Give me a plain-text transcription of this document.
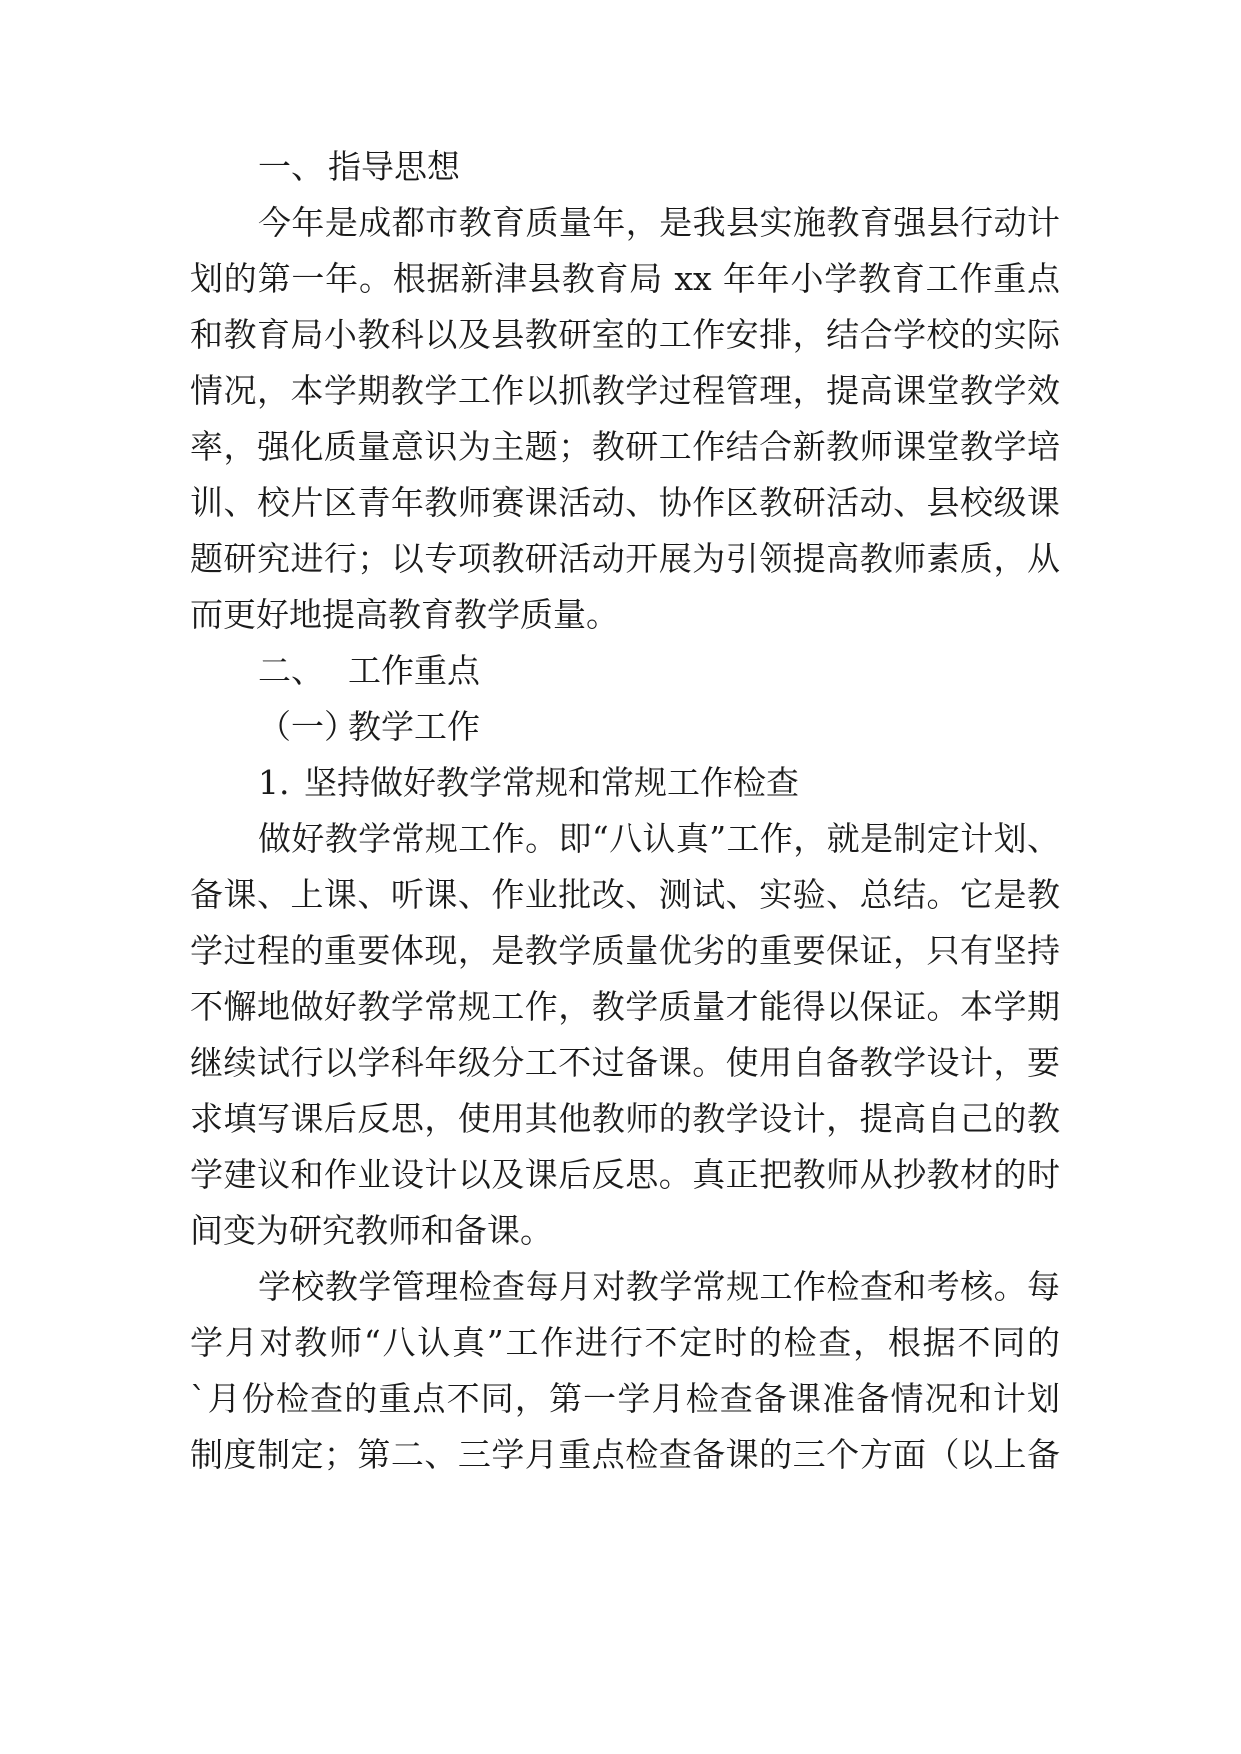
一、 指导思想
今年是成都市教育质量年，是我县实施教育强县行动计
划的第一年。根据新津县教育局 xx 年年小学教育工作重点
和教育局小教科以及县教研室的工作安排，结合学校的实际
情况，本学期教学工作以抓教学过程管理，提高课堂教学效
率，强化质量意识为主题；教研工作结合新教师课堂教学培
训、校片区青年教师赛课活动、协作区教研活动、县校级课
题研究进行；以专项教研活动开展为引领提高教师素质，从
而更好地提高教育教学质量。
二、 工作重点
（一）教学工作
1. 坚持做好教学常规和常规工作检查
做好教学常规工作。即“八认真”工作，就是制定计划、
备课、上课、听课、作业批改、测试、实验、总结。它是教
学过程的重要体现，是教学质量优劣的重要保证，只有坚持
不懈地做好教学常规工作，教学质量才能得以保证。本学期
继续试行以学科年级分工不过备课。使用自备教学设计，要
求填写课后反思，使用其他教师的教学设计，提高自己的教
学建议和作业设计以及课后反思。真正把教师从抄教材的时
间变为研究教师和备课。
学校教学管理检查每月对教学常规工作检查和考核。每
学月对教师“八认真”工作进行不定时的检查，根据不同的
`月份检查的重点不同，第一学月检查备课准备情况和计划
制度制定；第二、三学月重点检查备课的三个方面（以上备
